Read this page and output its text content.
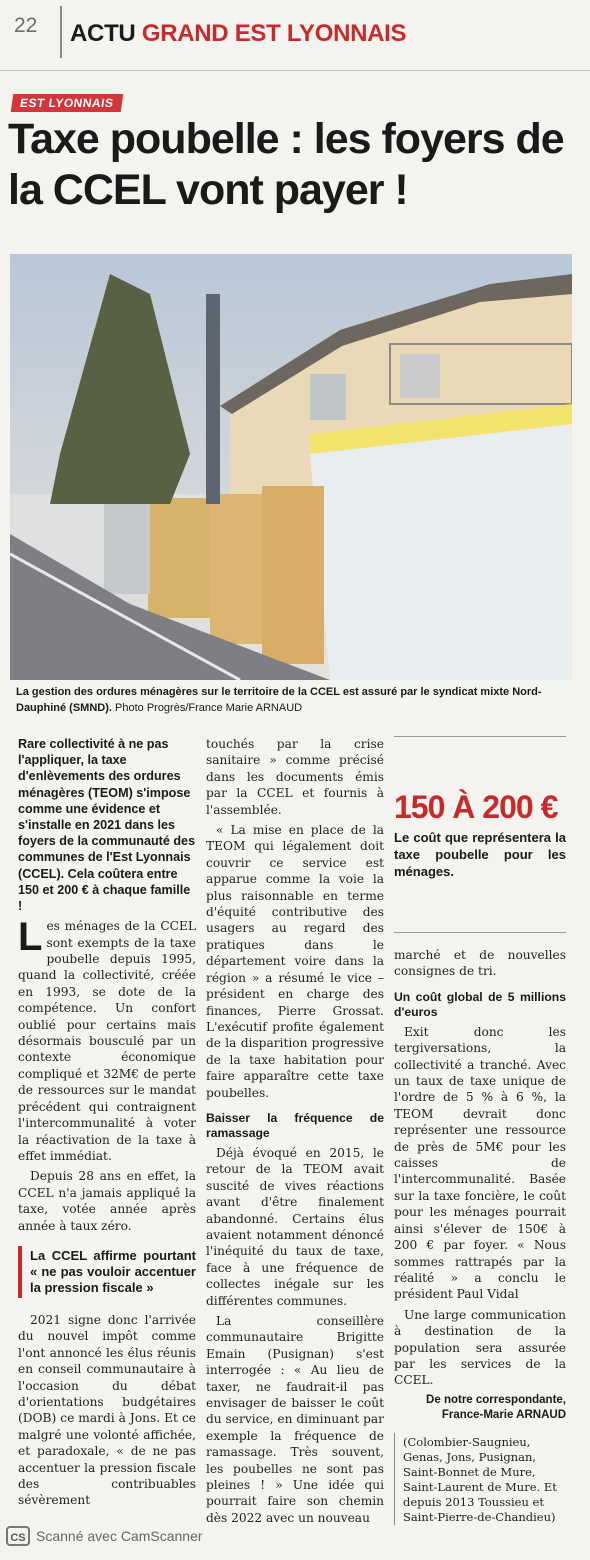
22 ACTU GRAND EST LYONNAIS
EST LYONNAIS
Taxe poubelle : les foyers de la CCEL vont payer !

La gestion des ordures ménagères sur le territoire de la CCEL est assuré par le syndicat mixte Nord-Dauphiné (SMND). Photo Progrès/France Marie ARNAUD

Rare collectivité à ne pas l'appliquer, la taxe d'enlèvements des ordures ménagères (TEOM) s'impose comme une évidence et s'installe en 2021 dans les foyers de la communauté des communes de l'Est Lyonnais (CCEL). Cela coûtera entre 150 et 200 € à chaque famille !

Les ménages de la CCEL sont exempts de la taxe poubelle depuis 1995, quand la collectivité, créée en 1993, se dote de la compétence. Un confort oublié pour certains mais désormais bousculé par un contexte économique compliqué et 32M€ de perte de ressources sur le mandat précédent qui contraignent l'intercommunalité à voter la réactivation de la taxe à effet immédiat.

Depuis 28 ans en effet, la CCEL n'a jamais appliqué la taxe, votée année après année à taux zéro.

La CCEL affirme pourtant « ne pas vouloir accentuer la pression fiscale »

2021 signe donc l'arrivée du nouvel impôt comme l'ont annoncé les élus réunis en conseil communautaire à l'occasion du débat d'orientations budgétaires (DOB) ce mardi à Jons. Et ce malgré une volonté affichée, et paradoxale, « de ne pas accentuer la pression fiscale des contribuables sévèrement

touchés par la crise sanitaire » comme précisé dans les documents émis par la CCEL et fournis à l'assemblée.

« La mise en place de la TEOM qui légalement doit couvrir ce service est apparue comme la voie la plus raisonnable en terme d'équité contributive des usagers au regard des pratiques dans le département voire dans la région » a résumé le vice – président en charge des finances, Pierre Grossat. L'exécutif profite également de la disparition progressive de la taxe habitation pour faire apparaître cette taxe poubelles.

Baisser la fréquence de ramassage

Déjà évoqué en 2015, le retour de la TEOM avait suscité de vives réactions avant d'être finalement abandonné. Certains élus avaient notamment dénoncé l'inéquité du taux de taxe, face à une fréquence de collectes inégale sur les différentes communes.

La conseillère communautaire Brigitte Emain (Pusignan) s'est interrogée : « Au lieu de taxer, ne faudrait-il pas envisager de baisser le coût du service, en diminuant par exemple la fréquence de ramassage. Très souvent, les poubelles ne sont pas pleines ! » Une idée qui pourrait faire son chemin dès 2022 avec un nouveau

150 À 200 €
Le coût que représentera la taxe poubelle pour les ménages.

marché et de nouvelles consignes de tri.

Un coût global de 5 millions d'euros

Exit donc les tergiversations, la collectivité a tranché. Avec un taux de taxe unique de l'ordre de 5 % à 6 %, la TEOM devrait donc représenter une ressource de près de 5M€ pour les caisses de l'intercommunalité. Basée sur la taxe foncière, le coût pour les ménages pourrait ainsi s'élever de 150€ à 200 € par foyer. « Nous sommes rattrapés par la réalité » a conclu le président Paul Vidal

Une large communication à destination de la population sera assurée par les services de la CCEL.

De notre correspondante,
France-Marie ARNAUD
(Colombier-Saugnieu, Genas, Jons, Pusignan, Saint-Bonnet de Mure, Saint-Laurent de Mure. Et depuis 2013 Toussieu et Saint-Pierre-de-Chandieu)
CS Scanné avec CamScanner
